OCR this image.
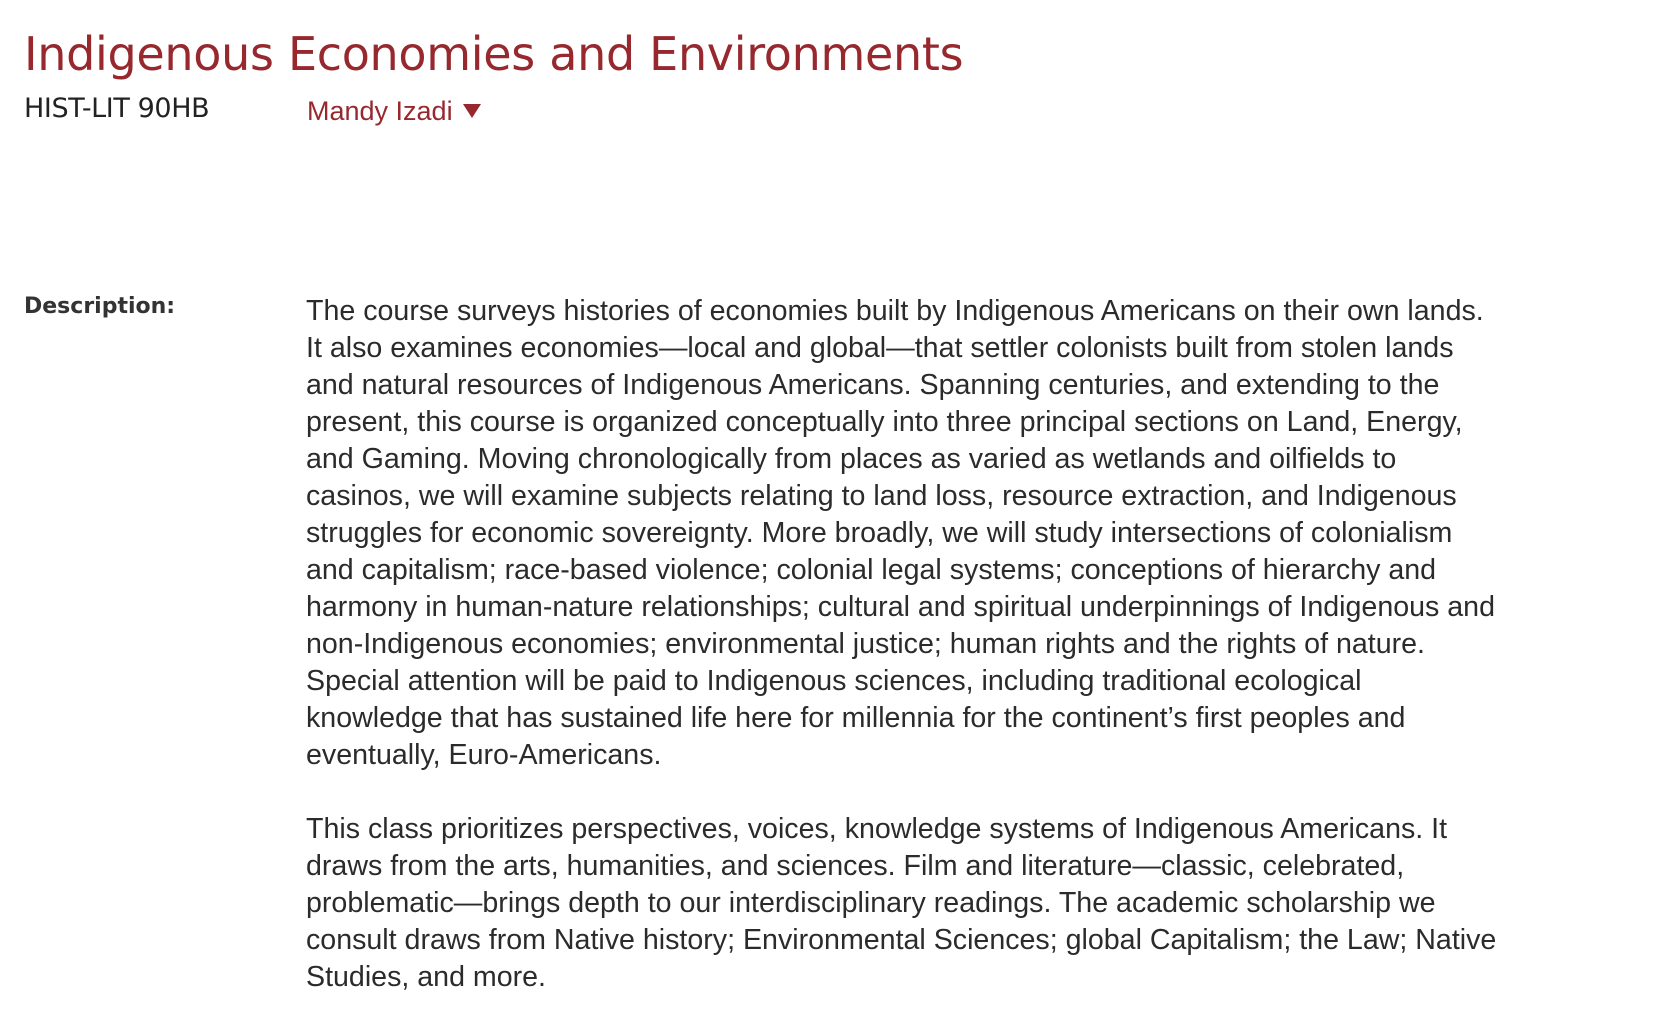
Indigenous Economies and Environments
HIST-LIT 90HB	Mandy Izadi
Description:	The course surveys histories of economies built by Indigenous Americans on their own lands.
It also examines economies—local and global—that settler colonists built from stolen lands
and natural resources of Indigenous Americans. Spanning centuries, and extending to the
present, this course is organized conceptually into three principal sections on Land, Energy,
and Gaming. Moving chronologically from places as varied as wetlands and oilfields to
casinos, we will examine subjects relating to land loss, resource extraction, and Indigenous
struggles for economic sovereignty. More broadly, we will study intersections of colonialism
and capitalism; race-based violence; colonial legal systems; conceptions of hierarchy and
harmony in human-nature relationships; cultural and spiritual underpinnings of Indigenous and
non-Indigenous economies; environmental justice; human rights and the rights of nature.
Special attention will be paid to Indigenous sciences, including traditional ecological
knowledge that has sustained life here for millennia for the continent’s first peoples and
eventually, Euro-Americans.

This class prioritizes perspectives, voices, knowledge systems of Indigenous Americans. It
draws from the arts, humanities, and sciences. Film and literature—classic, celebrated,
problematic—brings depth to our interdisciplinary readings. The academic scholarship we
consult draws from Native history; Environmental Sciences; global Capitalism; the Law; Native
Studies, and more.
